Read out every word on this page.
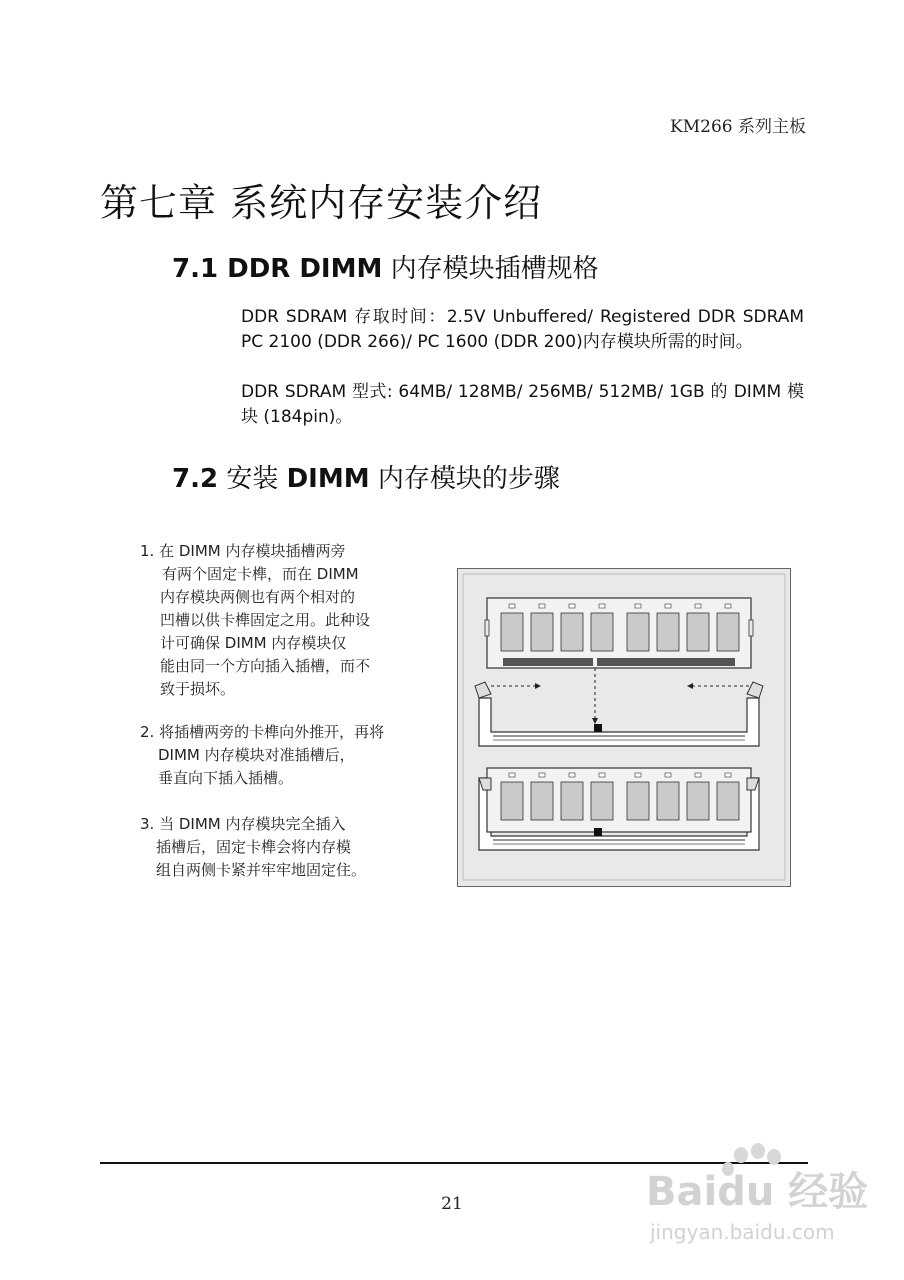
KM266 系列主板
第七章 系统内存安装介绍
7.1 DDR DIMM 内存模块插槽规格
DDR SDRAM 存取时间：2.5V Unbuffered/ Registered DDR SDRAM PC 2100 (DDR 266)/ PC 1600 (DDR 200)内存模块所需的时间。
DDR SDRAM 型式: 64MB/ 128MB/ 256MB/ 512MB/ 1GB 的 DIMM 模块 (184pin)。
7.2 安装 DIMM 内存模块的步骤
1. 在 DIMM 内存模块插槽两旁
有两个固定卡榫，而在 DIMM
内存模块两侧也有两个相对的
凹槽以供卡榫固定之用。此种设
计可确保 DIMM 内存模块仅
能由同一个方向插入插槽，而不
致于损坏。
2. 将插槽两旁的卡榫向外推开，再将
DIMM 内存模块对准插槽后，
垂直向下插入插槽。
3. 当 DIMM 内存模块完全插入
插槽后，固定卡榫会将内存模
组自两侧卡紧并牢牢地固定住。
21	Baidu 经验
jingyan.baidu.com
